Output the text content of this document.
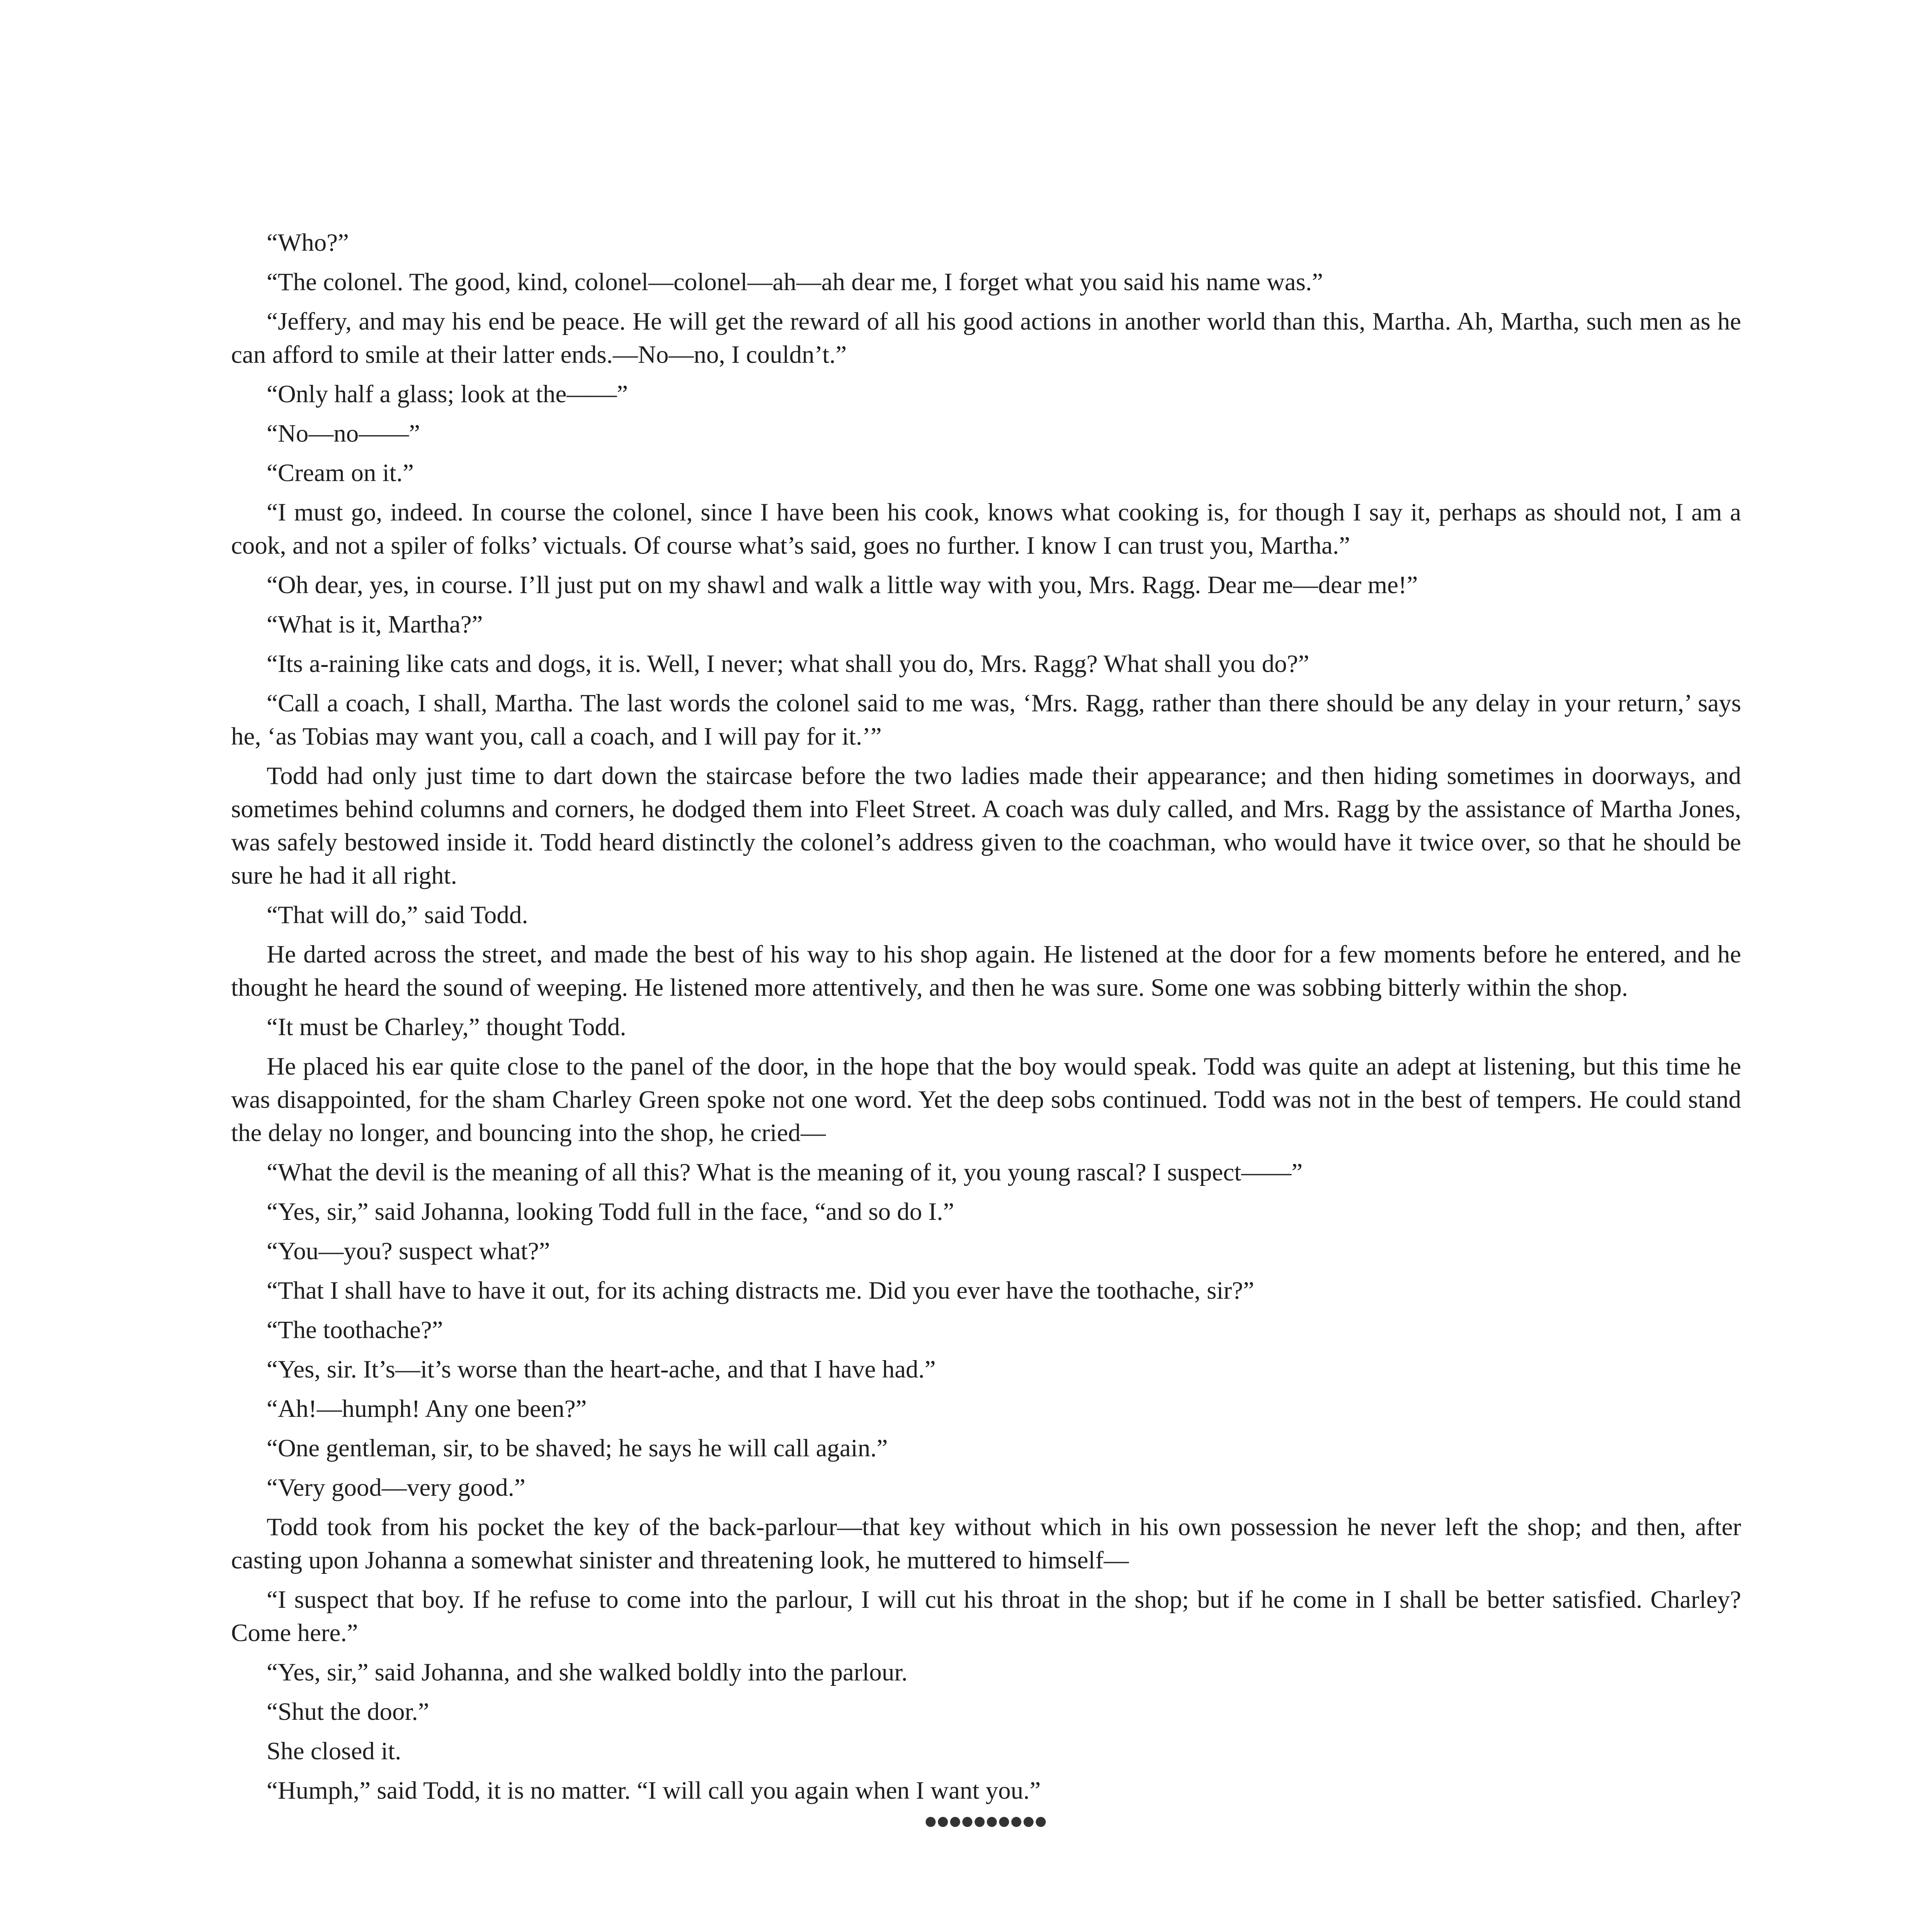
“Who?”

“The colonel. The good, kind, colonel—colonel—ah—ah dear me, I forget what you said his name was.”

“Jeffery, and may his end be peace. He will get the reward of all his good actions in another world than this, Martha. Ah, Martha, such men as he can afford to smile at their latter ends.—No—no, I couldn’t.”

“Only half a glass; look at the——”

“No—no——”

“Cream on it.”

“I must go, indeed. In course the colonel, since I have been his cook, knows what cooking is, for though I say it, perhaps as should not, I am a cook, and not a spiler of folks’ victuals. Of course what’s said, goes no further. I know I can trust you, Martha.”

“Oh dear, yes, in course. I’ll just put on my shawl and walk a little way with you, Mrs. Ragg. Dear me—dear me!”

“What is it, Martha?”

“Its a-raining like cats and dogs, it is. Well, I never; what shall you do, Mrs. Ragg? What shall you do?”

“Call a coach, I shall, Martha. The last words the colonel said to me was, ‘Mrs. Ragg, rather than there should be any delay in your return,’ says he, ‘as Tobias may want you, call a coach, and I will pay for it.’”

Todd had only just time to dart down the staircase before the two ladies made their appearance; and then hiding sometimes in doorways, and sometimes behind columns and corners, he dodged them into Fleet Street. A coach was duly called, and Mrs. Ragg by the assistance of Martha Jones, was safely bestowed inside it. Todd heard distinctly the colonel’s address given to the coachman, who would have it twice over, so that he should be sure he had it all right.

“That will do,” said Todd.

He darted across the street, and made the best of his way to his shop again. He listened at the door for a few moments before he entered, and he thought he heard the sound of weeping. He listened more attentively, and then he was sure. Some one was sobbing bitterly within the shop.

“It must be Charley,” thought Todd.

He placed his ear quite close to the panel of the door, in the hope that the boy would speak. Todd was quite an adept at listening, but this time he was disappointed, for the sham Charley Green spoke not one word. Yet the deep sobs continued. Todd was not in the best of tempers. He could stand the delay no longer, and bouncing into the shop, he cried—

“What the devil is the meaning of all this? What is the meaning of it, you young rascal? I suspect——”

“Yes, sir,” said Johanna, looking Todd full in the face, “and so do I.”

“You—you? suspect what?”

“That I shall have to have it out, for its aching distracts me. Did you ever have the toothache, sir?”

“The toothache?”

“Yes, sir. It’s—it’s worse than the heart-ache, and that I have had.”

“Ah!—humph! Any one been?”

“One gentleman, sir, to be shaved; he says he will call again.”

“Very good—very good.”

Todd took from his pocket the key of the back-parlour—that key without which in his own possession he never left the shop; and then, after casting upon Johanna a somewhat sinister and threatening look, he muttered to himself—

“I suspect that boy. If he refuse to come into the parlour, I will cut his throat in the shop; but if he come in I shall be better satisfied. Charley? Come here.”

“Yes, sir,” said Johanna, and she walked boldly into the parlour.

“Shut the door.”

She closed it.

“Humph,” said Todd, it is no matter. “I will call you again when I want you.”

●●●●●●●●●●
